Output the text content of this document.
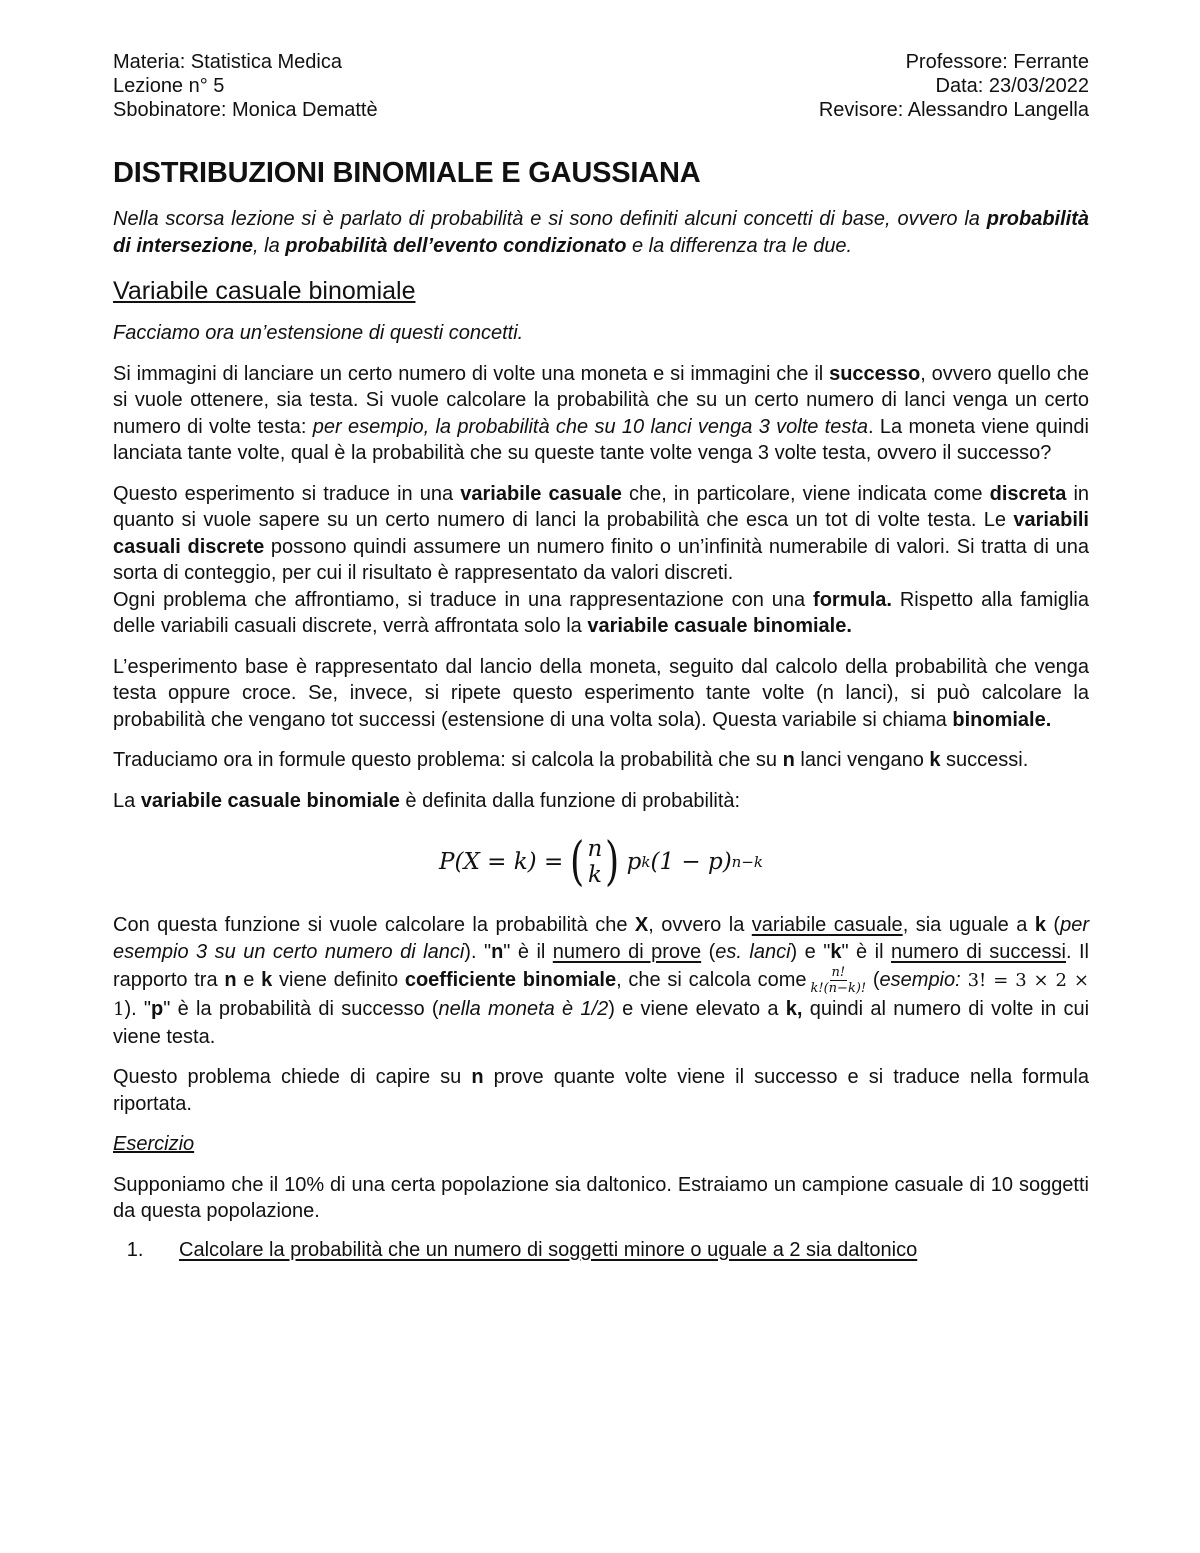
Materia: Statistica Medica
Lezione n° 5
Sbobinatore: Monica Demattè
Professore: Ferrante
Data: 23/03/2022
Revisore: Alessandro Langella
DISTRIBUZIONI BINOMIALE E GAUSSIANA

Nella scorsa lezione si è parlato di probabilità e si sono definiti alcuni concetti di base, ovvero la probabilità di intersezione, la probabilità dell’evento condizionato e la differenza tra le due.

Variabile casuale binomiale

Facciamo ora un’estensione di questi concetti.

Si immagini di lanciare un certo numero di volte una moneta e si immagini che il successo, ovvero quello che si vuole ottenere, sia testa. Si vuole calcolare la probabilità che su un certo numero di lanci venga un certo numero di volte testa: per esempio, la probabilità che su 10 lanci venga 3 volte testa. La moneta viene quindi lanciata tante volte, qual è la probabilità che su queste tante volte venga 3 volte testa, ovvero il successo?

Questo esperimento si traduce in una variabile casuale che, in particolare, viene indicata come discreta in quanto si vuole sapere su un certo numero di lanci la probabilità che esca un tot di volte testa. Le variabili casuali discrete possono quindi assumere un numero finito o un’infinità numerabile di valori. Si tratta di una sorta di conteggio, per cui il risultato è rappresentato da valori discreti.

Ogni problema che affrontiamo, si traduce in una rappresentazione con una formula. Rispetto alla famiglia delle variabili casuali discrete, verrà affrontata solo la variabile casuale binomiale.

L’esperimento base è rappresentato dal lancio della moneta, seguito dal calcolo della probabilità che venga testa oppure croce. Se, invece, si ripete questo esperimento tante volte (n lanci), si può calcolare la probabilità che vengano tot successi (estensione di una volta sola). Questa variabile si chiama binomiale.

Traduciamo ora in formule questo problema: si calcola la probabilità che su n lanci vengano k successi.

La variabile casuale binomiale è definita dalla funzione di probabilità:

P(X = k) = ( n
k ) p k (1 − p) n−k

Con questa funzione si vuole calcolare la probabilità che X, ovvero la variabile casuale, sia uguale a k (per esempio 3 su un certo numero di lanci). "n" è il numero di prove (es. lanci) e "k" è il numero di successi. Il rapporto tra n e k viene definito coefficiente binomiale, che si calcola come $\frac{n!}{k!(n-k)!}$ (esempio: 3! = 3 × 2 × 1). "p" è la probabilità di successo (nella moneta è 1/2) e viene elevato a k, quindi al numero di volte in cui viene testa.

Questo problema chiede di capire su n prove quante volte viene il successo e si traduce nella formula riportata.

Esercizio

Supponiamo che il 10% di una certa popolazione sia daltonico. Estraiamo un campione casuale di 10 soggetti da questa popolazione.

1. Calcolare la probabilità che un numero di soggetti minore o uguale a 2 sia daltonico
